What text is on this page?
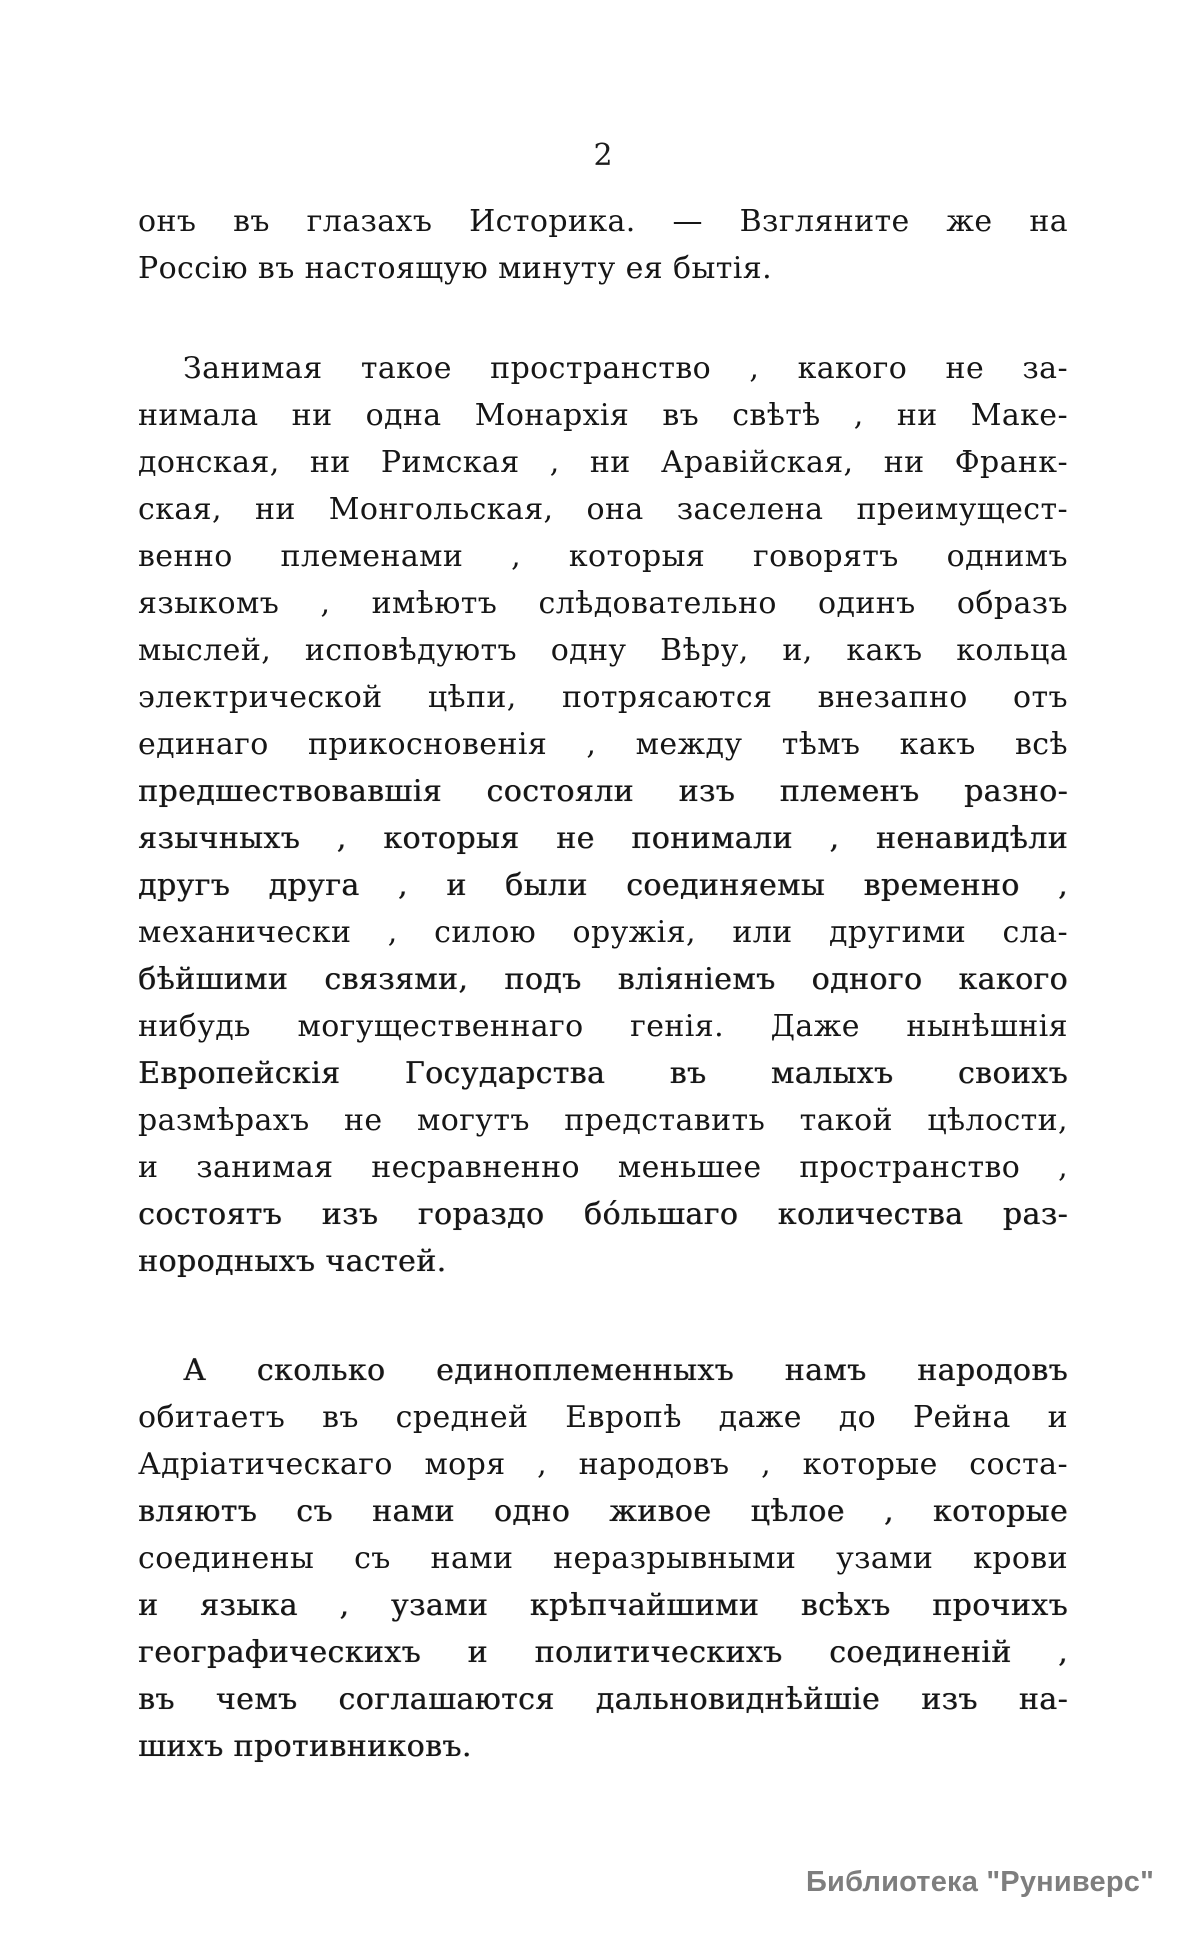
2
онъ въ глазахъ Историка. — Взгляните же на
Россію въ настоящую минуту ея бытія.
Занимая такое пространство , какого не за-
нимала ни одна Монархія въ свѣтѣ , ни Маке-
донская, ни Римская , ни Аравійская, ни Франк-
ская, ни Монгольская, она заселена преимущест-
венно племенами , которыя говорятъ однимъ
языкомъ , имѣютъ слѣдовательно одинъ образъ
мыслей, исповѣдуютъ одну Вѣру, и, какъ кольца
электрической цѣпи, потрясаются внезапно отъ
единаго прикосновенія , между тѣмъ какъ всѣ
предшествовавшія состояли изъ племенъ разно-
язычныхъ , которыя не понимали , ненавидѣли
другъ друга , и были соединяемы временно ,
механически , силою оружія, или другими сла-
бѣйшими связями, подъ вліяніемъ одного какого
нибудь могущественнаго генія. Даже нынѣшнія
Европейскія Государства въ малыхъ своихъ
размѣрахъ не могутъ представить такой цѣлости,
и занимая несравненно меньшее пространство ,
состоятъ изъ гораздо бо́льшаго количества раз-
нородныхъ частей.
А сколько единоплеменныхъ намъ народовъ
обитаетъ въ средней Европѣ даже до Рейна и
Адріатическаго моря , народовъ , которые соста-
вляютъ съ нами одно живое цѣлое , которые
соединены съ нами неразрывными узами крови
и языка , узами крѣпчайшими всѣхъ прочихъ
географическихъ и политическихъ соединеній ,
въ чемъ соглашаются дальновиднѣйшіе изъ на-
шихъ противниковъ.
Библиотека "Руниверс"
